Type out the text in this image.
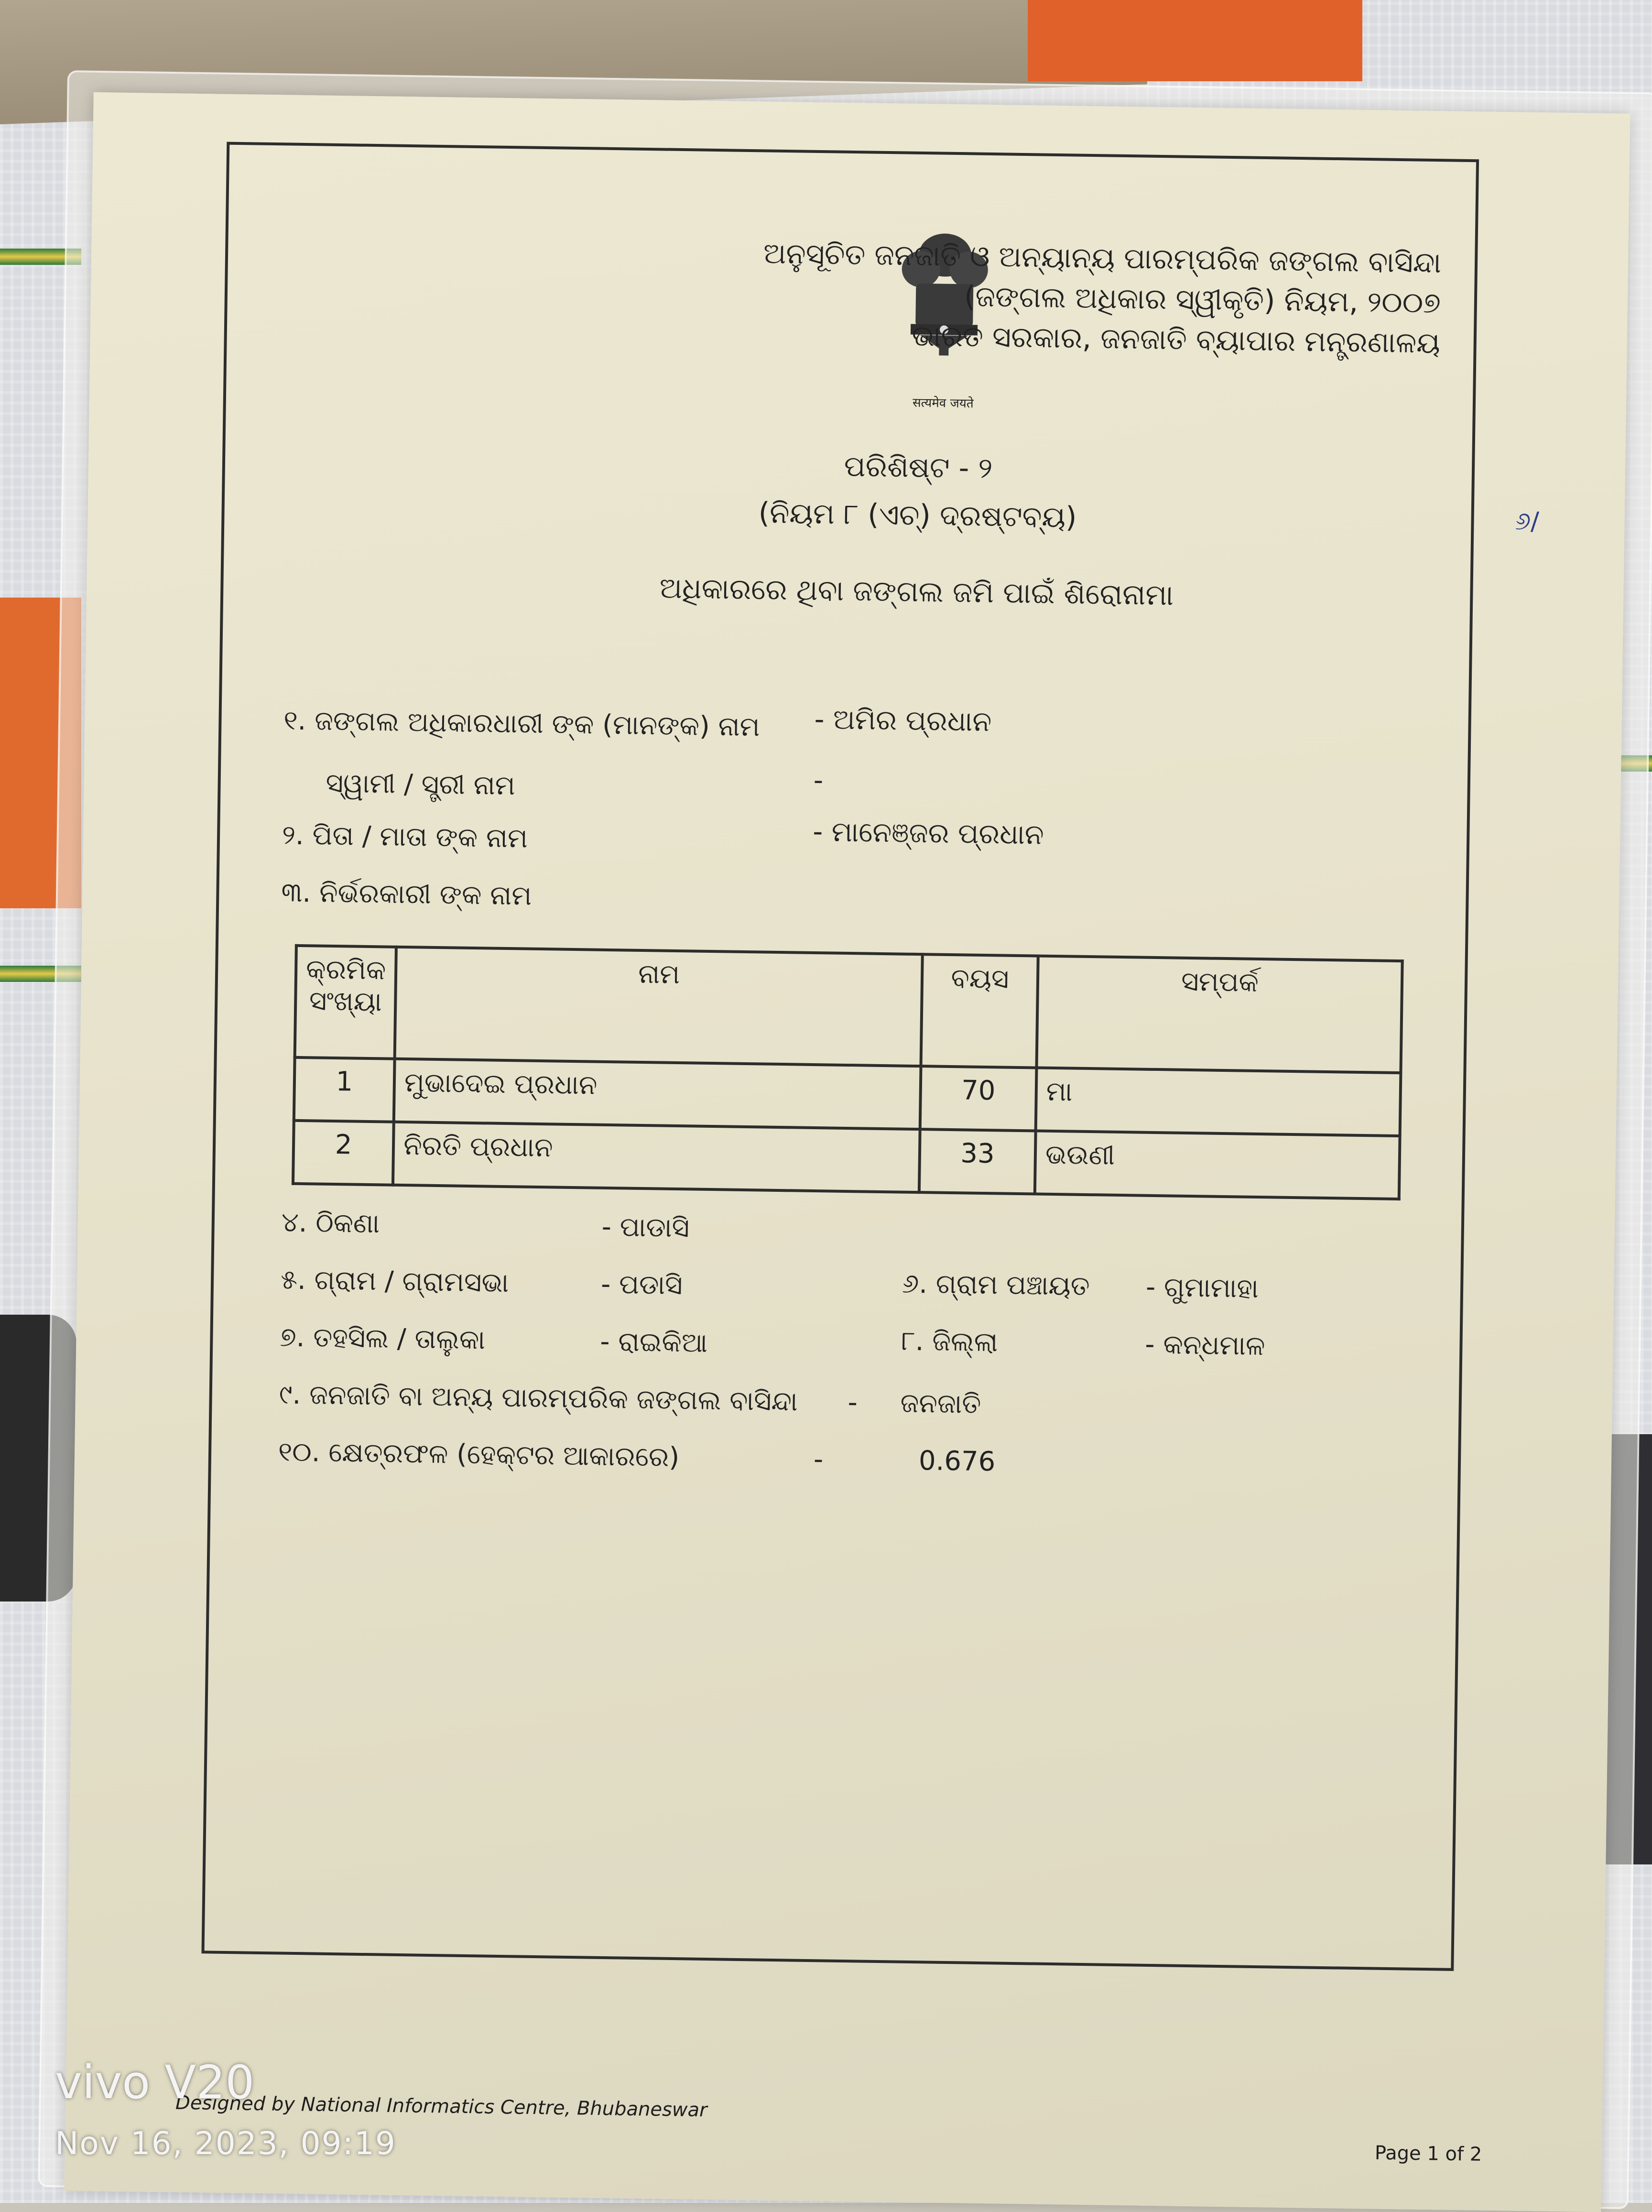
सत्यमेव जयते
ଅନୁସୂଚିତ ଜନଜାତି ଓ ଅନ୍ୟାନ୍ୟ ପାରମ୍ପରିକ ଜଙ୍ଗଲ ବାସିନ୍ଦା
(ଜଙ୍ଗଲ ଅଧିକାର ସ୍ୱୀକୃତି) ନିୟମ, ୨୦୦୭
ଭାରତ ସରକାର, ଜନଜାତି ବ୍ୟାପାର ମନ୍ତ୍ରଣାଳୟ
ପରିଶିଷ୍ଟ - ୨
(ନିୟମ ୮ (ଏଚ୍) ଦ୍ରଷ୍ଟବ୍ୟ)
ଅଧିକାରରେ ଥିବା ଜଙ୍ଗଲ ଜମି ପାଇଁ ଶିରୋନାମା
୬/
୧. ଜଙ୍ଗଲ ଅଧିକାରଧାରୀ ଙ୍କ (ମାନଙ୍କ) ନାମ - ଅମିର ପ୍ରଧାନ
ସ୍ୱାମୀ / ସ୍ତ୍ରୀ ନାମ	-
୨. ପିତା / ମାତା ଙ୍କ ନାମ	- ମାନେଞ୍ଜର ପ୍ରଧାନ
୩. ନିର୍ଭରକାରୀ ଙ୍କ ନାମ
କ୍ରମିକ
ସଂଖ୍ୟା	ନାମ	ବୟସ	ସମ୍ପର୍କ
1	ମୁଭାଦେଇ ପ୍ରଧାନ	70	ମା
2	ନିରତି ପ୍ରଧାନ	33	ଭଉଣୀ
୪. ଠିକଣା	- ପାଡାସି
୫. ଗ୍ରାମ / ଗ୍ରାମସଭା	- ପଡାସି	୬. ଗ୍ରାମ ପଞ୍ଚାୟତ - ଗୁମାମାହା
୭. ତହସିଲ / ତାଲୁକା	- ରାଇକିଆ	୮. ଜିଲ୍ଲା	- କନ୍ଧମାଳ
୯. ଜନଜାତି ବା ଅନ୍ୟ ପାରମ୍ପରିକ ଜଙ୍ଗଲ ବାସିନ୍ଦା - ଜନଜାତି
୧୦. କ୍ଷେତ୍ରଫଳ (ହେକ୍ଟର ଆକାରରେ)	-	0.676
Designed by National Informatics Centre, Bhubaneswar
Page 1 of 2
vivo V20
Nov 16, 2023, 09:19
